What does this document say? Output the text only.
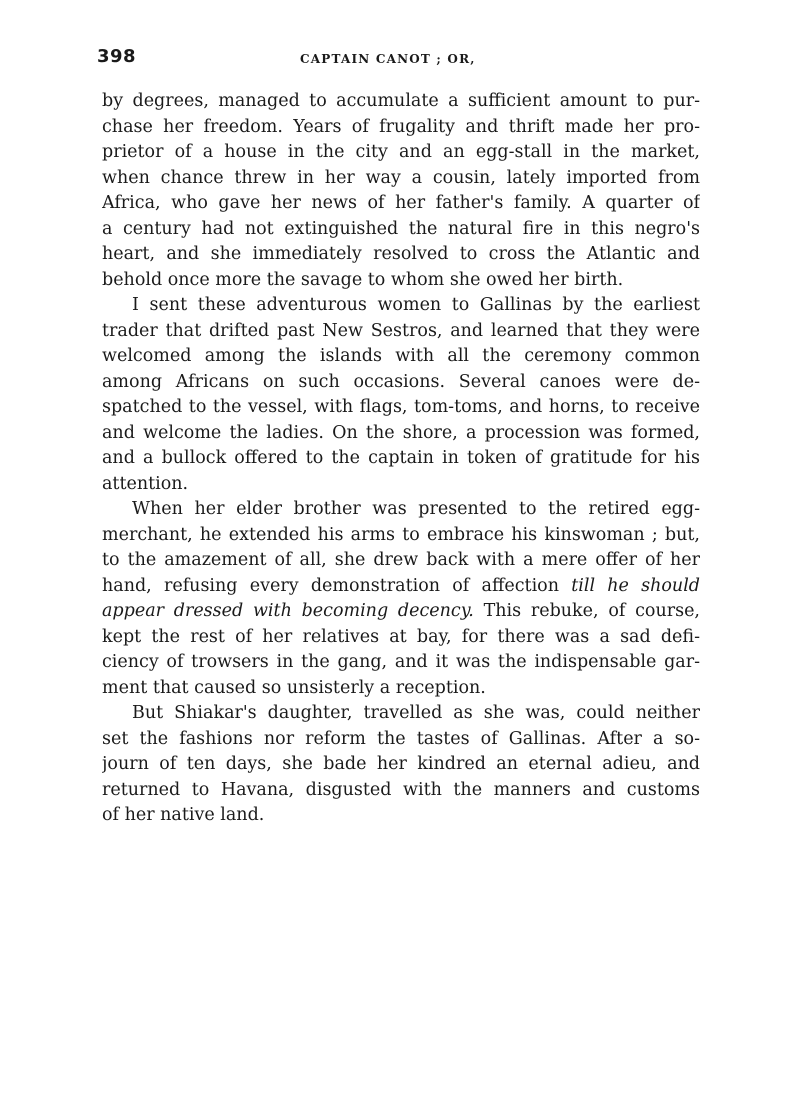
398	CAPTAIN CANOT ; OR,
by degrees, managed to accumulate a sufficient amount to pur-
chase her freedom. Years of frugality and thrift made her pro-
prietor of a house in the city and an egg-stall in the market,
when chance threw in her way a cousin, lately imported from
Africa, who gave her news of her father's family. A quarter of
a century had not extinguished the natural fire in this negro's
heart, and she immediately resolved to cross the Atlantic and
behold once more the savage to whom she owed her birth.
I sent these adventurous women to Gallinas by the earliest
trader that drifted past New Sestros, and learned that they were
welcomed among the islands with all the ceremony common
among Africans on such occasions. Several canoes were de-
spatched to the vessel, with flags, tom-toms, and horns, to receive
and welcome the ladies. On the shore, a procession was formed,
and a bullock offered to the captain in token of gratitude for his
attention.
When her elder brother was presented to the retired egg-
merchant, he extended his arms to embrace his kinswoman ; but,
to the amazement of all, she drew back with a mere offer of her
hand, refusing every demonstration of affection till he should
appear dressed with becoming decency. This rebuke, of course,
kept the rest of her relatives at bay, for there was a sad defi-
ciency of trowsers in the gang, and it was the indispensable gar-
ment that caused so unsisterly a reception.
But Shiakar's daughter, travelled as she was, could neither
set the fashions nor reform the tastes of Gallinas. After a so-
journ of ten days, she bade her kindred an eternal adieu, and
returned to Havana, disgusted with the manners and customs
of her native land.
